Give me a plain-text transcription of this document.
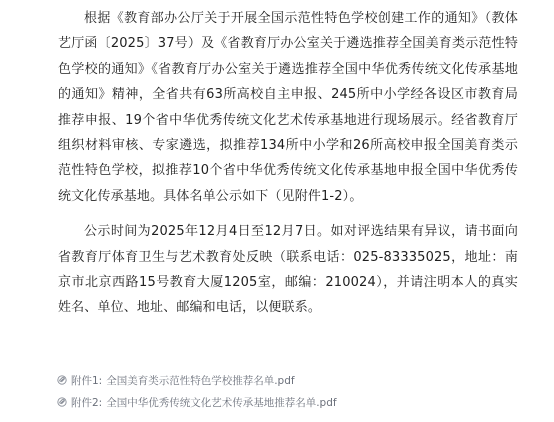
根据《教育部办公厅关于开展全国示范性特色学校创建工作的通知》（教体艺厅函〔2025〕37号）及《省教育厅办公室关于遴选推荐全国美育类示范性特色学校的通知》《省教育厅办公室关于遴选推荐全国中华优秀传统文化传承基地的通知》精神，全省共有63所高校自主申报、245所中小学经各设区市教育局推荐申报、19个省中华优秀传统文化艺术传承基地进行现场展示。经省教育厅组织材料审核、专家遴选，拟推荐134所中小学和26所高校申报全国美育类示范性特色学校，拟推荐10个省中华优秀传统文化传承基地申报全国中华优秀传统文化传承基地。具体名单公示如下（见附件1-2）。

公示时间为2025年12月4日至12月7日。如对评选结果有异议，请书面向省教育厅体育卫生与艺术教育处反映（联系电话：025-83335025，地址：南京市北京西路15号教育大厦1205室，邮编：210024），并请注明本人的真实姓名、单位、地址、邮编和电话，以便联系。

附件1: 全国美育类示范性特色学校推荐名单.pdf
附件2: 全国中华优秀传统文化艺术传承基地推荐名单.pdf
